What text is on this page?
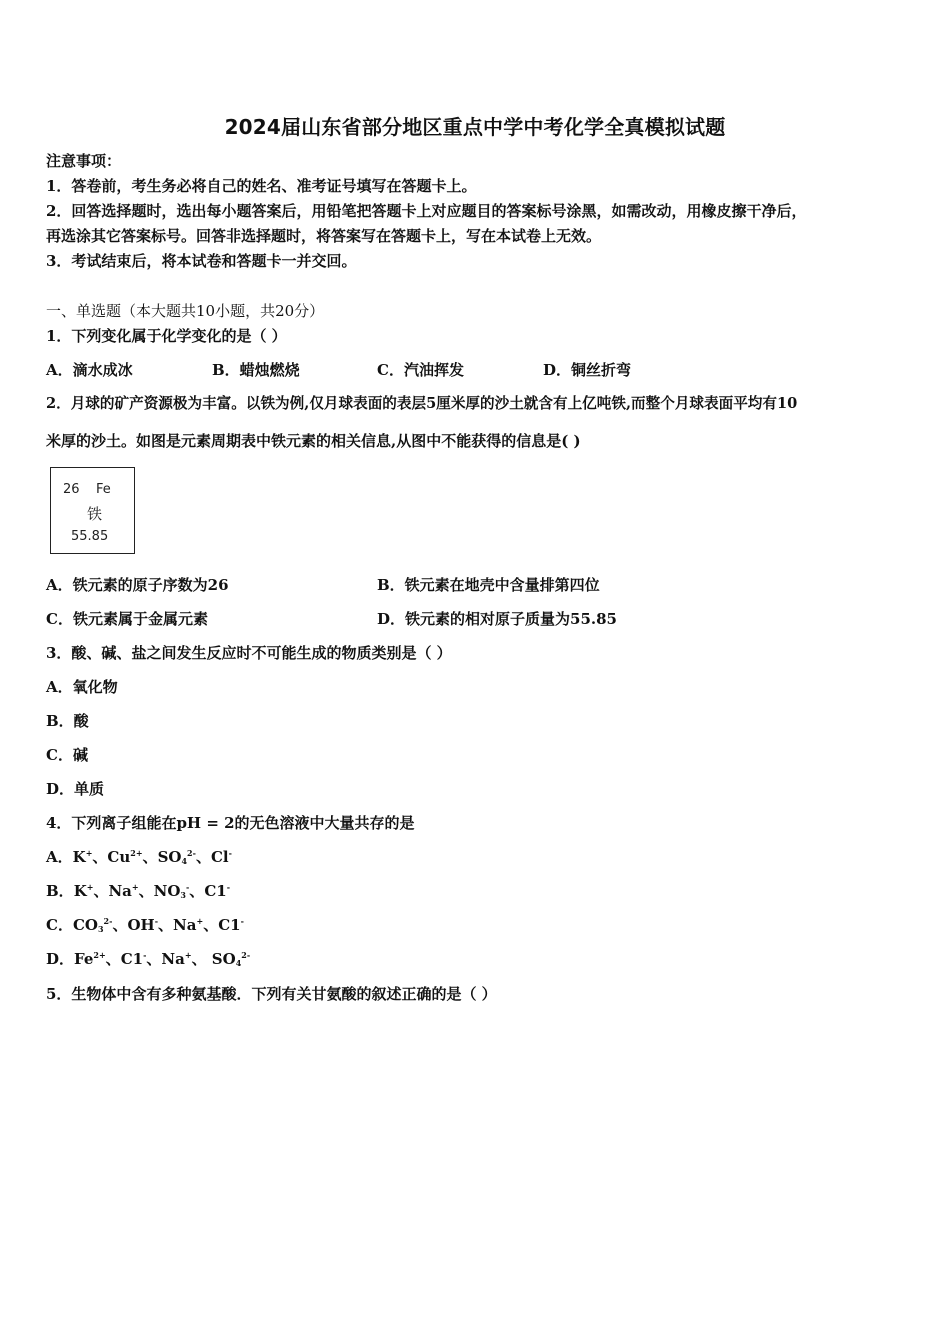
2024届山东省部分地区重点中学中考化学全真模拟试题
注意事项：
1．答卷前，考生务必将自己的姓名、准考证号填写在答题卡上。
2．回答选择题时，选出每小题答案后，用铅笔把答题卡上对应题目的答案标号涂黑，如需改动，用橡皮擦干净后，
再选涂其它答案标号。回答非选择题时，将答案写在答题卡上，写在本试卷上无效。
3．考试结束后，将本试卷和答题卡一并交回。
一、单选题（本大题共10小题，共20分）
1．下列变化属于化学变化的是（ ）
A．滴水成冰	B．蜡烛燃烧	C．汽油挥发	D．铜丝折弯
2．月球的矿产资源极为丰富。以铁为例,仅月球表面的表层5厘米厚的沙土就含有上亿吨铁,而整个月球表面平均有10
米厚的沙土。如图是元素周期表中铁元素的相关信息,从图中不能获得的信息是( )
26 Fe
铁
55.85
A．铁元素的原子序数为26	B．铁元素在地壳中含量排第四位
C．铁元素属于金属元素	D．铁元素的相对原子质量为55.85
3．酸、碱、盐之间发生反应时不可能生成的物质类别是（ ）
A．氧化物
B．酸
C．碱
D．单质
4．下列离子组能在pH = 2的无色溶液中大量共存的是
A．K+、$Cu^{2+}$、$SO_4^{2-}$、Cl-
B．K+、Na+、$NO_3^-$、C1-
C．$CO_3^{2-}$、OH-、Na+、C1-
D．$Fe^{2+}$、C1-、Na+、 $SO_4^{2-}$
5．生物体中含有多种氨基酸．下列有关甘氨酸的叙述正确的是（ ）
